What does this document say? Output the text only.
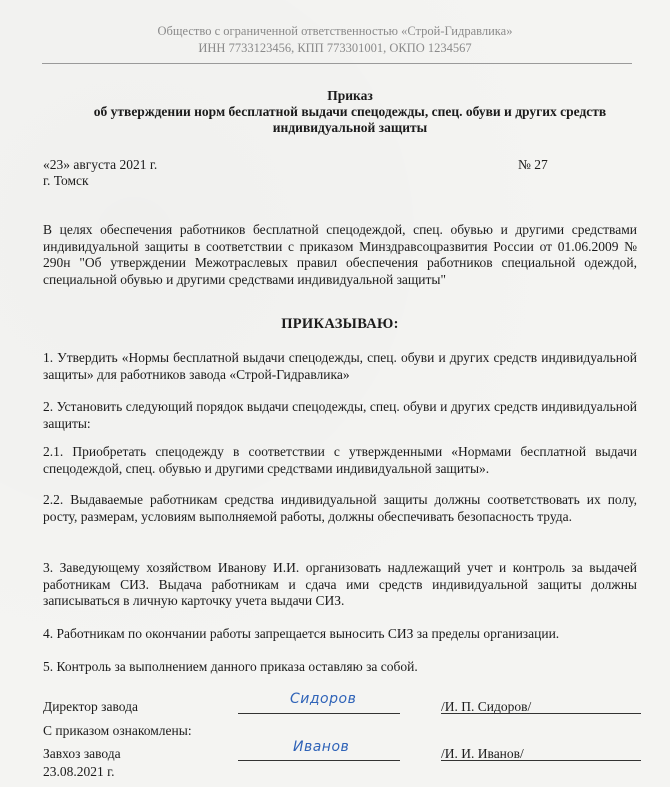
Общество с ограниченной ответственностью «Строй-Гидравлика»
ИНН 7733123456, КПП 773301001, ОКПО 1234567
Приказ
об утверждении норм бесплатной выдачи спецодежды, спец. обуви и других средств
индивидуальной защиты
«23» августа 2021 г.	№ 27
г. Томск
В целях обеспечения работников бесплатной спецодеждой, спец. обувью и другими средствами индивидуальной защиты в соответствии с приказом Минздравсоцразвития России от 01.06.2009 № 290н "Об утверждении Межотраслевых правил обеспечения работников специальной одеждой, специальной обувью и другими средствами индивидуальной защиты"
ПРИКАЗЫВАЮ:
1. Утвердить «Нормы бесплатной выдачи спецодежды, спец. обуви и других средств индивидуальной защиты» для работников завода «Строй-Гидравлика»
2. Установить следующий порядок выдачи спецодежды, спец. обуви и других средств индивидуальной защиты:
2.1. Приобретать спецодежду в соответствии с утвержденными «Нормами бесплатной выдачи спецодеждой, спец. обувью и другими средствами индивидуальной защиты».
2.2. Выдаваемые работникам средства индивидуальной защиты должны соответствовать их полу, росту, размерам, условиям выполняемой работы, должны обеспечивать безопасность труда.
3. Заведующему хозяйством Иванову И.И. организовать надлежащий учет и контроль за выдачей работникам СИЗ. Выдача работникам и сдача ими средств индивидуальной защиты должны записываться в личную карточку учета выдачи СИЗ.
4. Работникам по окончании работы запрещается выносить СИЗ за пределы организации.
5. Контроль за выполнением данного приказа оставляю за собой.
Директор завода	Сидоров	/И. П. Сидоров/
С приказом ознакомлены:
Завхоз завода	Иванов	/И. И. Иванов/
23.08.2021 г.
